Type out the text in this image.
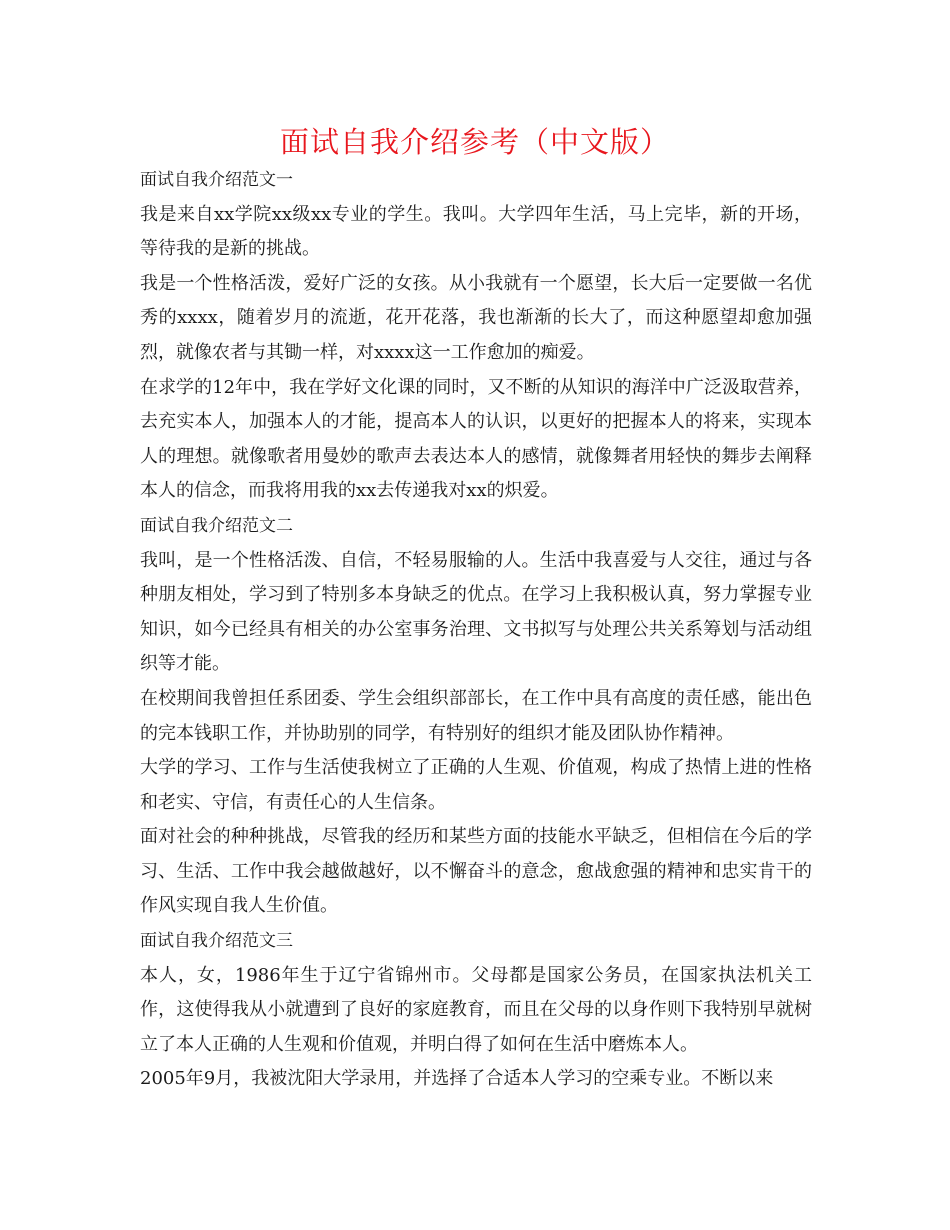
面试自我介绍参考（中文版）

面试自我介绍范文一

我是来自xx学院xx级xx专业的学生。我叫。大学四年生活，马上完毕，新的开场，等待我的是新的挑战。

我是一个性格活泼，爱好广泛的女孩。从小我就有一个愿望，长大后一定要做一名优秀的xxxx，随着岁月的流逝，花开花落，我也渐渐的长大了，而这种愿望却愈加强烈，就像农者与其锄一样，对xxxx这一工作愈加的痴爱。

在求学的12年中，我在学好文化课的同时，又不断的从知识的海洋中广泛汲取营养，去充实本人，加强本人的才能，提高本人的认识，以更好的把握本人的将来，实现本人的理想。就像歌者用曼妙的歌声去表达本人的感情，就像舞者用轻快的舞步去阐释本人的信念，而我将用我的xx去传递我对xx的炽爱。

面试自我介绍范文二

我叫，是一个性格活泼、自信，不轻易服输的人。生活中我喜爱与人交往，通过与各种朋友相处，学习到了特别多本身缺乏的优点。在学习上我积极认真，努力掌握专业知识，如今已经具有相关的办公室事务治理、文书拟写与处理公共关系筹划与活动组织等才能。

在校期间我曾担任系团委、学生会组织部部长，在工作中具有高度的责任感，能出色的完本钱职工作，并协助别的同学，有特别好的组织才能及团队协作精神。

大学的学习、工作与生活使我树立了正确的人生观、价值观，构成了热情上进的性格和老实、守信，有责任心的人生信条。

面对社会的种种挑战，尽管我的经历和某些方面的技能水平缺乏，但相信在今后的学习、生活、工作中我会越做越好，以不懈奋斗的意念，愈战愈强的精神和忠实肯干的作风实现自我人生价值。

面试自我介绍范文三

本人，女，1986年生于辽宁省锦州市。父母都是国家公务员，在国家执法机关工作，这使得我从小就遭到了良好的家庭教育，而且在父母的以身作则下我特别早就树立了本人正确的人生观和价值观，并明白得了如何在生活中磨炼本人。

2005年9月，我被沈阳大学录用，并选择了合适本人学习的空乘专业。不断以来
